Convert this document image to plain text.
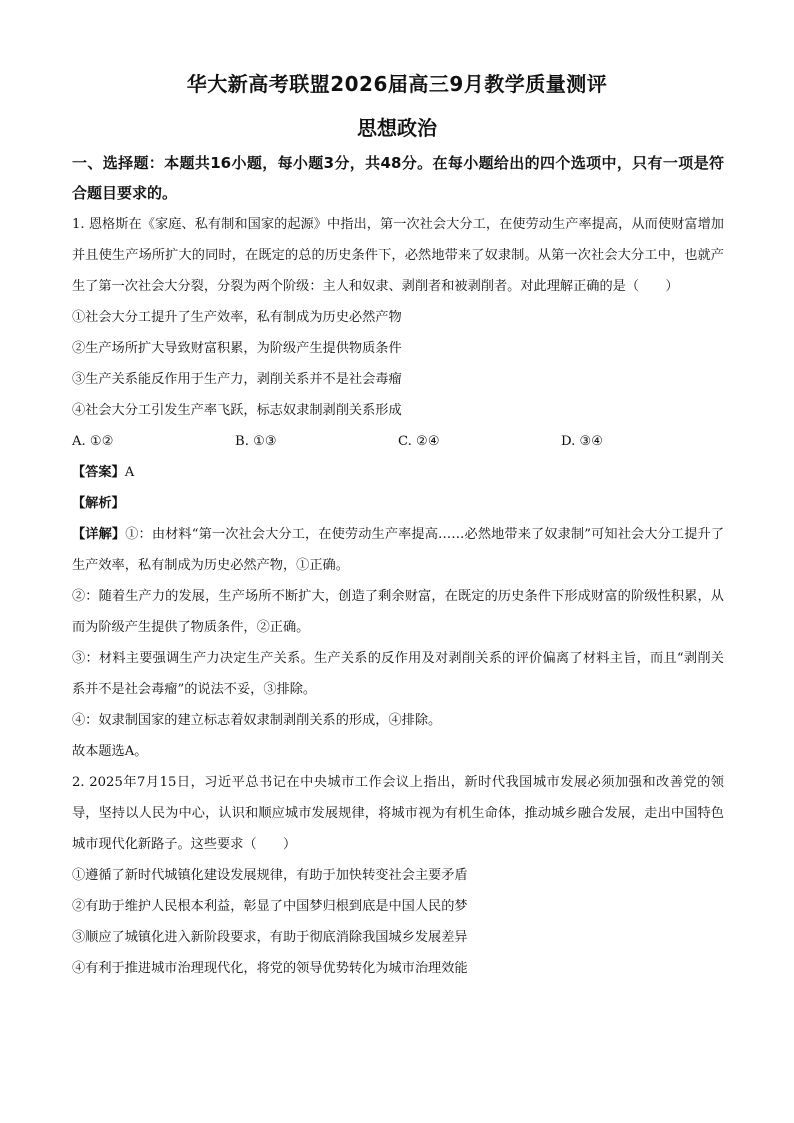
华大新高考联盟2026届高三9月教学质量测评
思想政治
一、选择题：本题共16小题，每小题3分，共48分。在每小题给出的四个选项中，只有一项是符合题目要求的。

1. 恩格斯在《家庭、私有制和国家的起源》中指出，第一次社会大分工，在使劳动生产率提高，从而使财富增加并且使生产场所扩大的同时，在既定的总的历史条件下，必然地带来了奴隶制。从第一次社会大分工中，也就产生了第一次社会大分裂，分裂为两个阶级：主人和奴隶、剥削者和被剥削者。对此理解正确的是（　　）

①社会大分工提升了生产效率，私有制成为历史必然产物

②生产场所扩大导致财富积累，为阶级产生提供物质条件

③生产关系能反作用于生产力，剥削关系并不是社会毒瘤

④社会大分工引发生产率飞跃，标志奴隶制剥削关系形成

A. ①②	B. ①③	C. ②④	D. ③④

【答案】A

【解析】

【详解】①：由材料“第一次社会大分工，在使劳动生产率提高……必然地带来了奴隶制”可知社会大分工提升了生产效率，私有制成为历史必然产物，①正确。

②：随着生产力的发展，生产场所不断扩大，创造了剩余财富，在既定的历史条件下形成财富的阶级性积累，从而为阶级产生提供了物质条件，②正确。

③：材料主要强调生产力决定生产关系。生产关系的反作用及对剥削关系的评价偏离了材料主旨，而且“剥削关系并不是社会毒瘤”的说法不妥，③排除。

④：奴隶制国家的建立标志着奴隶制剥削关系的形成，④排除。

故本题选A。

2. 2025年7月15日，习近平总书记在中央城市工作会议上指出，新时代我国城市发展必须加强和改善党的领导，坚持以人民为中心，认识和顺应城市发展规律，将城市视为有机生命体，推动城乡融合发展，走出中国特色城市现代化新路子。这些要求（　　）

①遵循了新时代城镇化建设发展规律，有助于加快转变社会主要矛盾

②有助于维护人民根本利益，彰显了中国梦归根到底是中国人民的梦

③顺应了城镇化进入新阶段要求，有助于彻底消除我国城乡发展差异

④有利于推进城市治理现代化，将党的领导优势转化为城市治理效能
